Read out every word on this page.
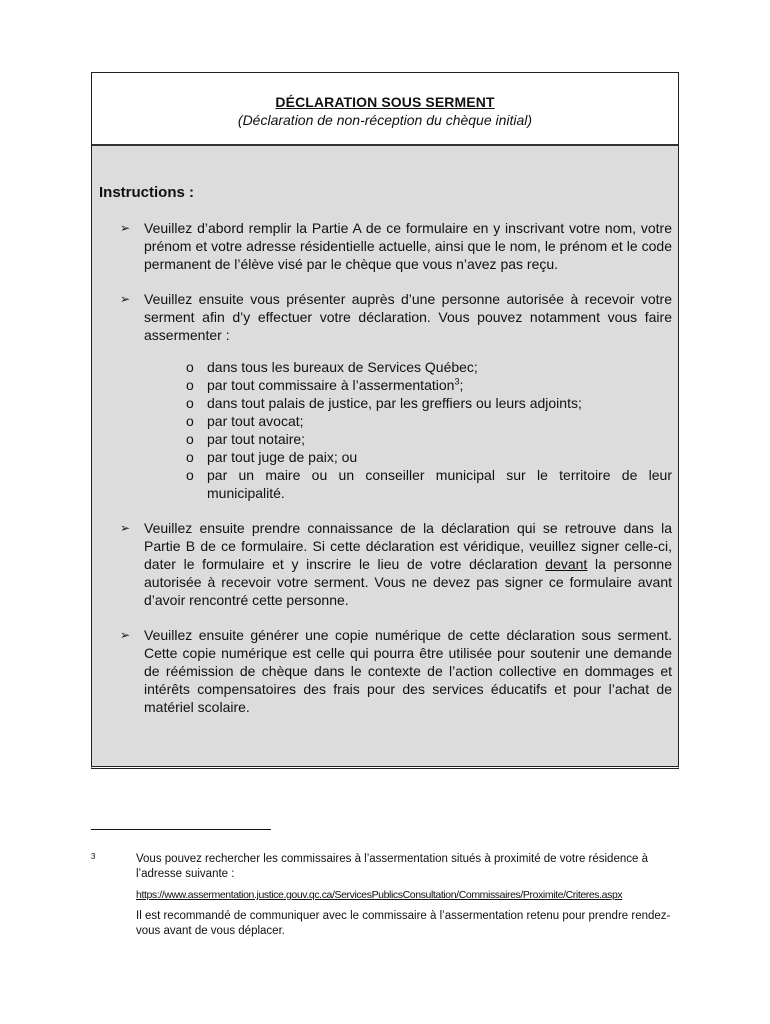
DÉCLARATION SOUS SERMENT
(Déclaration de non-réception du chèque initial)
Instructions :
➢ Veuillez d’abord remplir la Partie A de ce formulaire en y inscrivant votre nom, votre prénom et votre adresse résidentielle actuelle, ainsi que le nom, le prénom et le code permanent de l’élève visé par le chèque que vous n’avez pas reçu.
➢ Veuillez ensuite vous présenter auprès d’une personne autorisée à recevoir votre serment afin d’y effectuer votre déclaration. Vous pouvez notamment vous faire assermenter :
o dans tous les bureaux de Services Québec;
o par tout commissaire à l’assermentation$^3$;
o dans tout palais de justice, par les greffiers ou leurs adjoints;
o par tout avocat;
o par tout notaire;
o par tout juge de paix; ou
o par un maire ou un conseiller municipal sur le territoire de leur municipalité.
➢ Veuillez ensuite prendre connaissance de la déclaration qui se retrouve dans la Partie B de ce formulaire. Si cette déclaration est véridique, veuillez signer celle-ci, dater le formulaire et y inscrire le lieu de votre déclaration devant la personne autorisée à recevoir votre serment. Vous ne devez pas signer ce formulaire avant d’avoir rencontré cette personne.
➢ Veuillez ensuite générer une copie numérique de cette déclaration sous serment. Cette copie numérique est celle qui pourra être utilisée pour soutenir une demande de réémission de chèque dans le contexte de l’action collective en dommages et intérêts compensatoires des frais pour des services éducatifs et pour l’achat de matériel scolaire.
3	Vous pouvez rechercher les commissaires à l’assermentation situés à proximité de votre résidence à l’adresse suivante :

https://www.assermentation.justice.gouv.qc.ca/ServicesPublicsConsultation/Commissaires/Proximite/Criteres.aspx

Il est recommandé de communiquer avec le commissaire à l’assermentation retenu pour prendre rendez-vous avant de vous déplacer.
